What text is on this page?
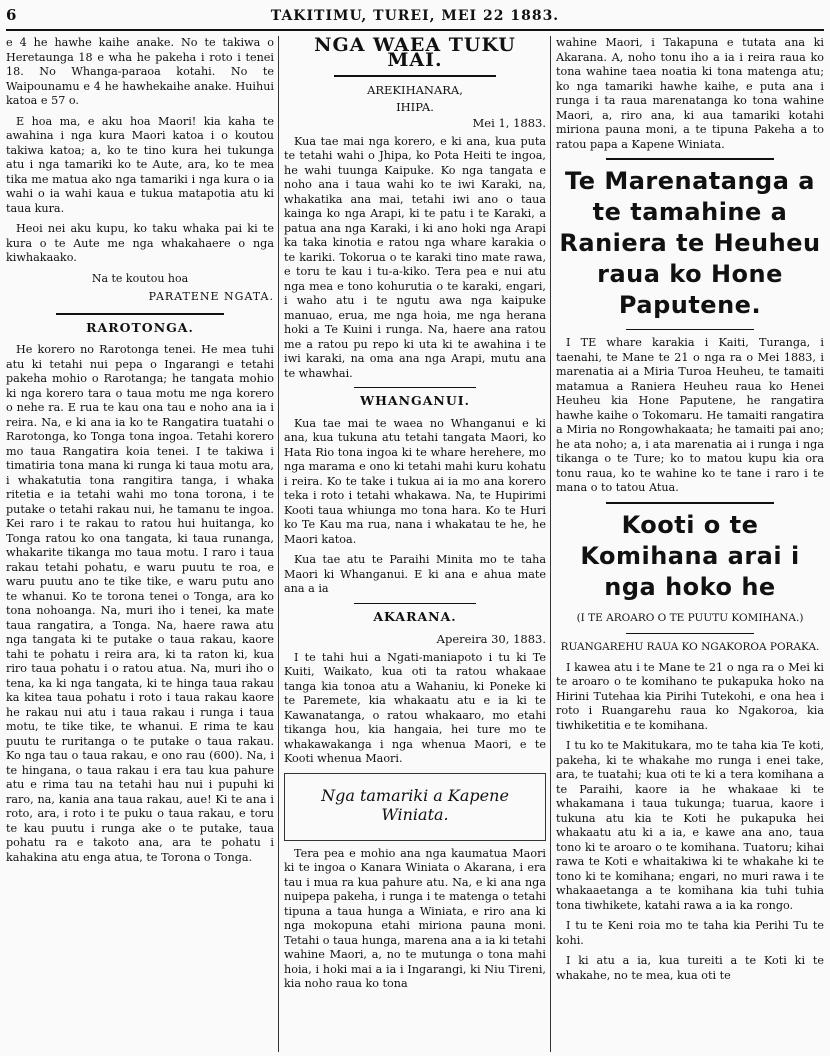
6	TAKITIMU, TUREI, MEI 22 1883.

e 4 he hawhe kaihe anake. No te takiwa o Heretaunga 18 e wha he pakeha i roto i tenei 18. No Whanga-paraoa kotahi. No te Waipounamu e 4 he hawhekaihe anake. Huihui katoa e 57 o.

E hoa ma, e aku hoa Maori! kia kaha te awahina i nga kura Maori katoa i o koutou takiwa katoa; a, ko te tino kura hei tukunga atu i nga tamariki ko te Aute, ara, ko te mea tika me matua ako nga tamariki i nga kura o ia wahi o ia wahi kaua e tukua matapotia atu ki taua kura.

Heoi nei aku kupu, ko taku whaka pai ki te kura o te Aute me nga whakahaere o nga kiwhakaako.

Na te koutou hoa
PARATENE NGATA.
RAROTONGA.

He korero no Rarotonga tenei. He mea tuhi atu ki tetahi nui pepa o Ingarangi e tetahi pakeha mohio o Rarotanga; he tangata mohio ki nga korero tara o taua motu me nga korero o nehe ra. E rua te kau ona tau e noho ana ia i reira. Na, e ki ana ia ko te Rangatira tuatahi o Rarotonga, ko Tonga tona ingoa. Tetahi korero mo taua Rangatira koia tenei. I te takiwa i timatiria tona mana ki runga ki taua motu ara, i whakatutia tona rangitira tanga, i whaka ritetia e ia tetahi wahi mo tona torona, i te putake o tetahi rakau nui, he tamanu te ingoa. Kei raro i te rakau to ratou hui huitanga, ko Tonga ratou ko ona tangata, ki taua runanga, whakarite tikanga mo taua motu. I raro i taua rakau tetahi pohatu, e waru puutu te roa, e waru puutu ano te tike tike, e waru putu ano te whanui. Ko te torona tenei o Tonga, ara ko tona nohoanga. Na, muri iho i tenei, ka mate taua rangatira, a Tonga. Na, haere rawa atu nga tangata ki te putake o taua rakau, kaore tahi te pohatu i reira ara, ki ta raton ki, kua riro taua pohatu i o ratou atua. Na, muri iho o tena, ka ki nga tangata, ki te hinga taua rakau ka kitea taua pohatu i roto i taua rakau kaore he rakau nui atu i taua rakau i runga i taua motu, te tike tike, te whanui. E rima te kau puutu te ruritanga o te putake o taua rakau. Ko nga tau o taua rakau, e ono rau (600). Na, i te hingana, o taua rakau i era tau kua pahure atu e rima tau na tetahi hau nui i pupuhi ki raro, na, kania ana taua rakau, aue! Ki te ana i roto, ara, i roto i te puku o taua rakau, e toru te kau puutu i runga ake o te putake, taua pohatu ra e takoto ana, ara te pohatu i kahakina atu enga atua, te Torona o Tonga.

NGA WAEA TUKU MAI.
AREKIHANARA,
IHIPA.
Mei 1, 1883.

Kua tae mai nga korero, e ki ana, kua puta te tetahi wahi o Jhipa, ko Pota Heiti te ingoa, he wahi tuunga Kaipuke. Ko nga tangata e noho ana i taua wahi ko te iwi Karaki, na, whakatika ana mai, tetahi iwi ano o taua kainga ko nga Arapi, ki te patu i te Karaki, a patua ana nga Karaki, i ki ano hoki nga Arapi ka taka kinotia e ratou nga whare karakia o te kariki. Tokorua o te karaki tino mate rawa, e toru te kau i tu-a-kiko. Tera pea e nui atu nga mea e tono kohurutia o te karaki, engari, i waho atu i te ngutu awa nga kaipuke manuao, erua, me nga hoia, me nga herana hoki a Te Kuini i runga. Na, haere ana ratou me a ratou pu repo ki uta ki te awahina i te iwi karaki, na oma ana nga Arapi, mutu ana te whawhai.

WHANGANUI.

Kua tae mai te waea no Whanganui e ki ana, kua tukuna atu tetahi tangata Maori, ko Hata Rio tona ingoa ki te whare herehere, mo nga marama e ono ki tetahi mahi kuru kohatu i reira. Ko te take i tukua ai ia mo ana korero teka i roto i tetahi whakawa. Na, te Hupirimi Kooti taua whiunga mo tona hara. Ko te Huri ko Te Kau ma rua, nana i whakatau te he, he Maori katoa.

Kua tae atu te Paraihi Minita mo te taha Maori ki Whanganui. E ki ana e ahua mate ana a ia

AKARANA.
Apereira 30, 1883.

I te tahi hui a Ngati-maniapoto i tu ki Te Kuiti, Waikato, kua oti ta ratou whakaae tanga kia tonoa atu a Wahaniu, ki Poneke ki te Paremete, kia whakaatu atu e ia ki te Kawanatanga, o ratou whakaaro, mo etahi tikanga hou, kia hangaia, hei ture mo te whakawakanga i nga whenua Maori, e te Kooti whenua Maori.

Nga tamariki a Kapene Winiata.

Tera pea e mohio ana nga kaumatua Maori ki te ingoa o Kanara Winiata o Akarana, i era tau i mua ra kua pahure atu. Na, e ki ana nga nuipepa pakeha, i runga i te matenga o tetahi tipuna a taua hunga a Winiata, e riro ana ki nga mokopuna etahi miriona pauna moni. Tetahi o taua hunga, marena ana a ia ki tetahi wahine Maori, a, no te mutunga o tona mahi hoia, i hoki mai a ia i Ingarangi, ki Niu Tireni, kia noho raua ko tona

wahine Maori, i Takapuna e tutata ana ki Akarana. A, noho tonu iho a ia i reira raua ko tona wahine taea noatia ki tona matenga atu; ko nga tamariki hawhe kaihe, e puta ana i runga i ta raua marenatanga ko tona wahine Maori, a, riro ana, ki aua tamariki kotahi miriona pauna moni, a te tipuna Pakeha a to ratou papa a Kapene Winiata.

Te Marenatanga a te tamahine a Raniera te Heuheu raua ko Hone Paputene.

I TE whare karakia i Kaiti, Turanga, i taenahi, te Mane te 21 o nga ra o Mei 1883, i marenatia ai a Miria Turoa Heuheu, te tamaiti matamua a Raniera Heuheu raua ko Henei Heuheu kia Hone Paputene, he rangatira hawhe kaihe o Tokomaru. He tamaiti rangatira a Miria no Rongowhakaata; he tamaiti pai ano; he ata noho; a, i ata marenatia ai i runga i nga tikanga o te Ture; ko to matou kupu kia ora tonu raua, ko te wahine ko te tane i raro i te mana o to tatou Atua.

Kooti o te Komihana arai i nga hoko he
(I TE AROARO O TE PUUTU KOMIHANA.)
RUANGAREHU RAUA KO NGAKOROA PORAKA.

I kawea atu i te Mane te 21 o nga ra o Mei ki te aroaro o te komihano te pukapuka hoko na Hirini Tutehaa kia Pirihi Tutekohi, e ona hea i roto i Ruangarehu raua ko Ngakoroa, kia tiwhiketitia e te komihana.

I tu ko te Makitukara, mo te taha kia Te koti, pakeha, ki te whakahe mo runga i enei take, ara, te tuatahi; kua oti te ki a tera komihana a te Paraihi, kaore ia he whakaae ki te whakamana i taua tukunga; tuarua, kaore i tukuna atu kia te Koti he pukapuka hei whakaatu atu ki a ia, e kawe ana ano, taua tono ki te aroaro o te komihana. Tuatoru; kihai rawa te Koti e whaitakiwa ki te whakahe ki te tono ki te komihana; engari, no muri rawa i te whakaaetanga a te komihana kia tuhi tuhia tona tiwhikete, katahi rawa a ia ka rongo.

I tu te Keni roia mo te taha kia Perihi Tu te kohi.

I ki atu a ia, kua tureiti a te Koti ki te whakahe, no te mea, kua oti te
